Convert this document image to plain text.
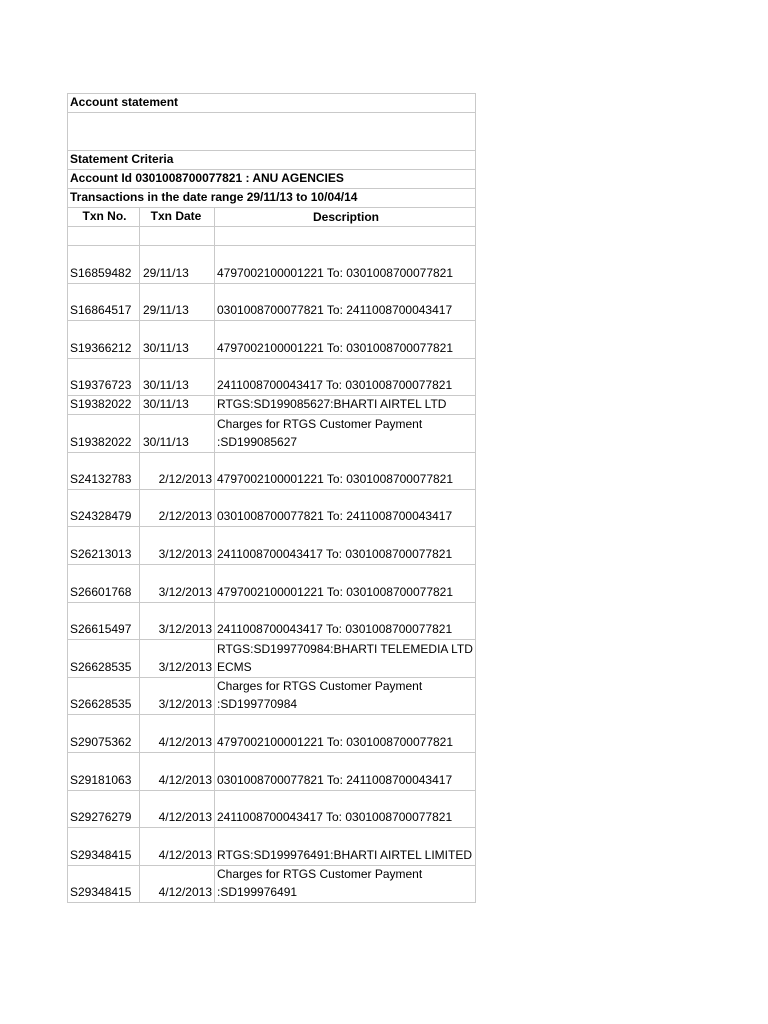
Account statement
Statement Criteria
Account Id 0301008700077821 : ANU AGENCIES
Transactions in the date range 29/11/13 to 10/04/14
Txn No.	Txn Date	Description
S16859482 29/11/13	4797002100001221 To: 0301008700077821
S16864517 29/11/13	0301008700077821 To: 2411008700043417
S19366212 30/11/13	4797002100001221 To: 0301008700077821
S19376723 30/11/13	2411008700043417 To: 0301008700077821
S19382022 30/11/13	RTGS:SD199085627:BHARTI AIRTEL LTD
S19382022 30/11/13
Charges for RTGS Customer Payment
:SD199085627
S24132783	2/12/2013 4797002100001221 To: 0301008700077821
S24328479	2/12/2013 0301008700077821 To: 2411008700043417
S26213013	3/12/2013 2411008700043417 To: 0301008700077821
S26601768	3/12/2013 4797002100001221 To: 0301008700077821
S26615497	3/12/2013 2411008700043417 To: 0301008700077821
S26628535	3/12/2013
RTGS:SD199770984:BHARTI TELEMEDIA LTD
ECMS
S26628535	3/12/2013
Charges for RTGS Customer Payment
:SD199770984
S29075362	4/12/2013 4797002100001221 To: 0301008700077821
S29181063	4/12/2013 0301008700077821 To: 2411008700043417
S29276279	4/12/2013 2411008700043417 To: 0301008700077821
S29348415	4/12/2013 RTGS:SD199976491:BHARTI AIRTEL LIMITED
S29348415	4/12/2013
Charges for RTGS Customer Payment
:SD199976491
